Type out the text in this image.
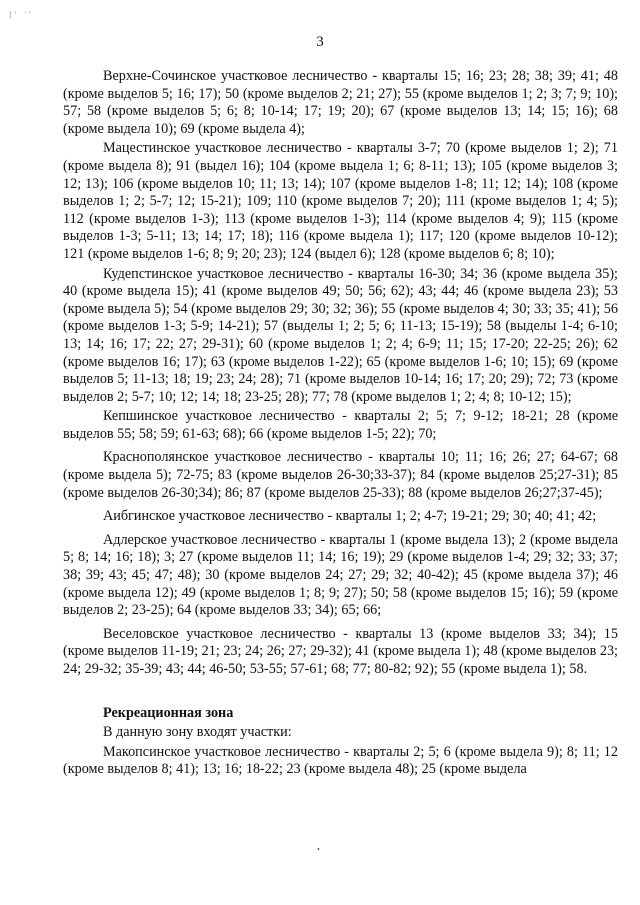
l' ''
3

Верхне-Сочинское участковое лесничество - кварталы 15; 16; 23; 28; 38; 39; 41; 48 (кроме выделов 5; 16; 17); 50 (кроме выделов 2; 21; 27); 55 (кроме выделов 1; 2; 3; 7; 9; 10); 57; 58 (кроме выделов 5; 6; 8; 10-14; 17; 19; 20); 67 (кроме выделов 13; 14; 15; 16); 68 (кроме выдела 10); 69 (кроме выдела 4);

Мацестинское участковое лесничество - кварталы 3-7; 70 (кроме выделов 1; 2); 71 (кроме выдела 8); 91 (выдел 16); 104 (кроме выдела 1; 6; 8-11; 13); 105 (кроме выделов 3; 12; 13); 106 (кроме выделов 10; 11; 13; 14); 107 (кроме выделов 1-8; 11; 12; 14); 108 (кроме выделов 1; 2; 5-7; 12; 15-21); 109; 110 (кроме выделов 7; 20); 111 (кроме выделов 1; 4; 5); 112 (кроме выделов 1-3); 113 (кроме выделов 1-3); 114 (кроме выделов 4; 9); 115 (кроме выделов 1-3; 5-11; 13; 14; 17; 18); 116 (кроме выдела 1); 117; 120 (кроме выделов 10-12); 121 (кроме выделов 1-6; 8; 9; 20; 23); 124 (выдел 6); 128 (кроме выделов 6; 8; 10);

Кудепстинское участковое лесничество - кварталы 16-30; 34; 36 (кроме выдела 35); 40 (кроме выдела 15); 41 (кроме выделов 49; 50; 56; 62); 43; 44; 46 (кроме выдела 23); 53 (кроме выдела 5); 54 (кроме выделов 29; 30; 32; 36); 55 (кроме выделов 4; 30; 33; 35; 41); 56 (кроме выделов 1-3; 5-9; 14-21); 57 (выделы 1; 2; 5; 6; 11-13; 15-19); 58 (выделы 1-4; 6-10; 13; 14; 16; 17; 22; 27; 29-31); 60 (кроме выделов 1; 2; 4; 6-9; 11; 15; 17-20; 22-25; 26); 62 (кроме выделов 16; 17); 63 (кроме выделов 1-22); 65 (кроме выделов 1-6; 10; 15); 69 (кроме выделов 5; 11-13; 18; 19; 23; 24; 28); 71 (кроме выделов 10-14; 16; 17; 20; 29); 72; 73 (кроме выделов 2; 5-7; 10; 12; 14; 18; 23-25; 28); 77; 78 (кроме выделов 1; 2; 4; 8; 10-12; 15);

Кепшинское участковое лесничество - кварталы 2; 5; 7; 9-12; 18-21; 28 (кроме выделов 55; 58; 59; 61-63; 68); 66 (кроме выделов 1-5; 22); 70;

Краснополянское участковое лесничество - кварталы 10; 11; 16; 26; 27; 64-67; 68 (кроме выдела 5); 72-75; 83 (кроме выделов 26-30;33-37); 84 (кроме выделов 25;27-31); 85 (кроме выделов 26-30;34); 86; 87 (кроме выделов 25-33); 88 (кроме выделов 26;27;37-45);

Аибгинское участковое лесничество - кварталы 1; 2; 4-7; 19-21; 29; 30; 40; 41; 42;

Адлерское участковое лесничество - кварталы 1 (кроме выдела 13); 2 (кроме выдела 5; 8; 14; 16; 18); 3; 27 (кроме выделов 11; 14; 16; 19); 29 (кроме выделов 1-4; 29; 32; 33; 37; 38; 39; 43; 45; 47; 48); 30 (кроме выделов 24; 27; 29; 32; 40-42); 45 (кроме выдела 37); 46 (кроме выдела 12); 49 (кроме выделов 1; 8; 9; 27); 50; 58 (кроме выделов 15; 16); 59 (кроме выделов 2; 23-25); 64 (кроме выделов 33; 34); 65; 66;

Веселовское участковое лесничество - кварталы 13 (кроме выделов 33; 34); 15 (кроме выделов 11-19; 21; 23; 24; 26; 27; 29-32); 41 (кроме выдела 1); 48 (кроме выделов 23; 24; 29-32; 35-39; 43; 44; 46-50; 53-55; 57-61; 68; 77; 80-82; 92); 55 (кроме выдела 1); 58.

Рекреационная зона

В данную зону входят участки:

Макопсинское участковое лесничество - кварталы 2; 5; 6 (кроме выдела 9); 8; 11; 12 (кроме выделов 8; 41); 13; 16; 18-22; 23 (кроме выдела 48); 25 (кроме выдела

•
